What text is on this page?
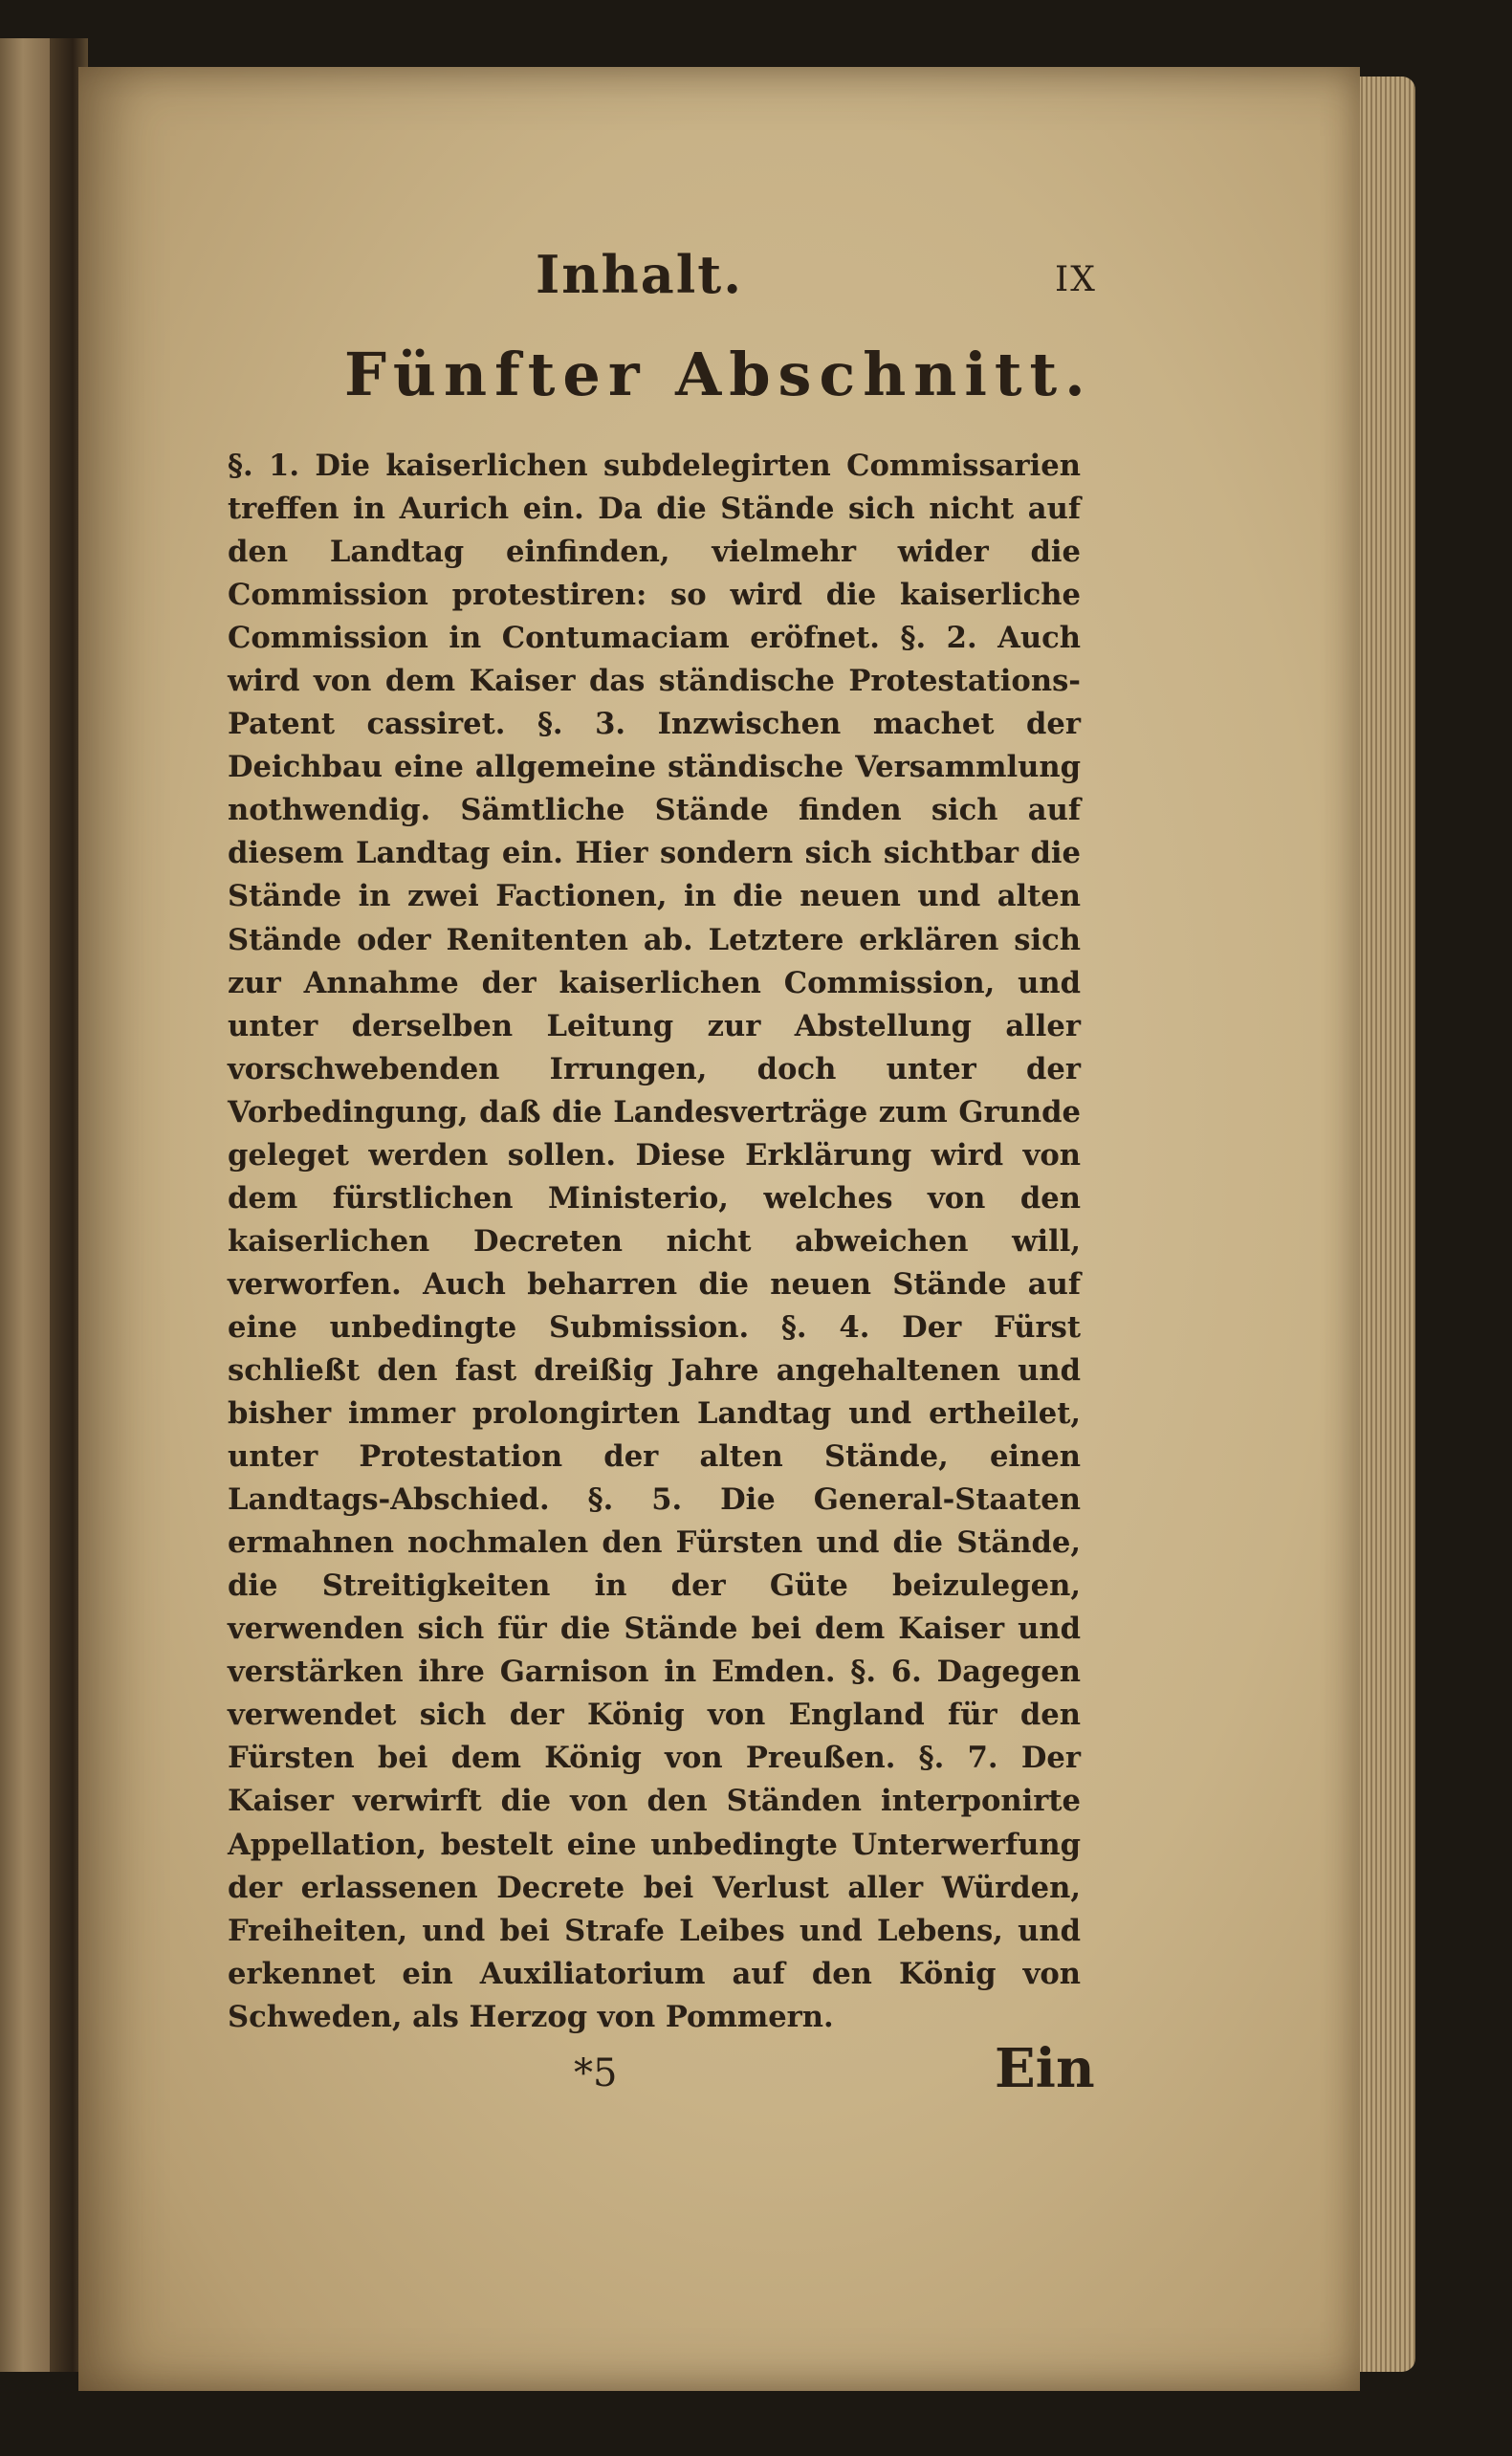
Inhalt.	IX
Fünfter Abschnitt.

§. 1. Die kaiserlichen subdelegirten Commissarien treffen in Aurich ein. Da die Stände sich nicht auf den Landtag einfinden, vielmehr wider die Commission protestiren: so wird die kaiserliche Commission in Contumaciam eröfnet. §. 2. Auch wird von dem Kaiser das ständische Protestations-Patent cassiret. §. 3. Inzwischen machet der Deichbau eine allgemeine ständische Versammlung nothwendig. Sämtliche Stände finden sich auf diesem Landtag ein. Hier sondern sich sichtbar die Stände in zwei Factionen, in die neuen und alten Stände oder Renitenten ab. Letztere erklären sich zur Annahme der kaiserlichen Commission, und unter derselben Leitung zur Abstellung aller vorschwebenden Irrungen, doch unter der Vorbedingung, daß die Landesverträge zum Grunde geleget werden sollen. Diese Erklärung wird von dem fürstlichen Ministerio, welches von den kaiserlichen Decreten nicht abweichen will, verworfen. Auch beharren die neuen Stände auf eine unbedingte Submission. §. 4. Der Fürst schließt den fast dreißig Jahre angehaltenen und bisher immer prolongirten Landtag und ertheilet, unter Protestation der alten Stände, einen Landtags-Abschied. §. 5. Die General-Staaten ermahnen nochmalen den Fürsten und die Stände, die Streitigkeiten in der Güte beizulegen, verwenden sich für die Stände bei dem Kaiser und verstärken ihre Garnison in Emden. §. 6. Dagegen verwendet sich der König von England für den Fürsten bei dem König von Preußen. §. 7. Der Kaiser verwirft die von den Ständen interponirte Appellation, bestelt eine unbedingte Unterwerfung der erlassenen Decrete bei Verlust aller Würden, Freiheiten, und bei Strafe Leibes und Lebens, und erkennet ein Auxiliatorium auf den König von Schweden, als Herzog von Pommern.

*5	Ein
